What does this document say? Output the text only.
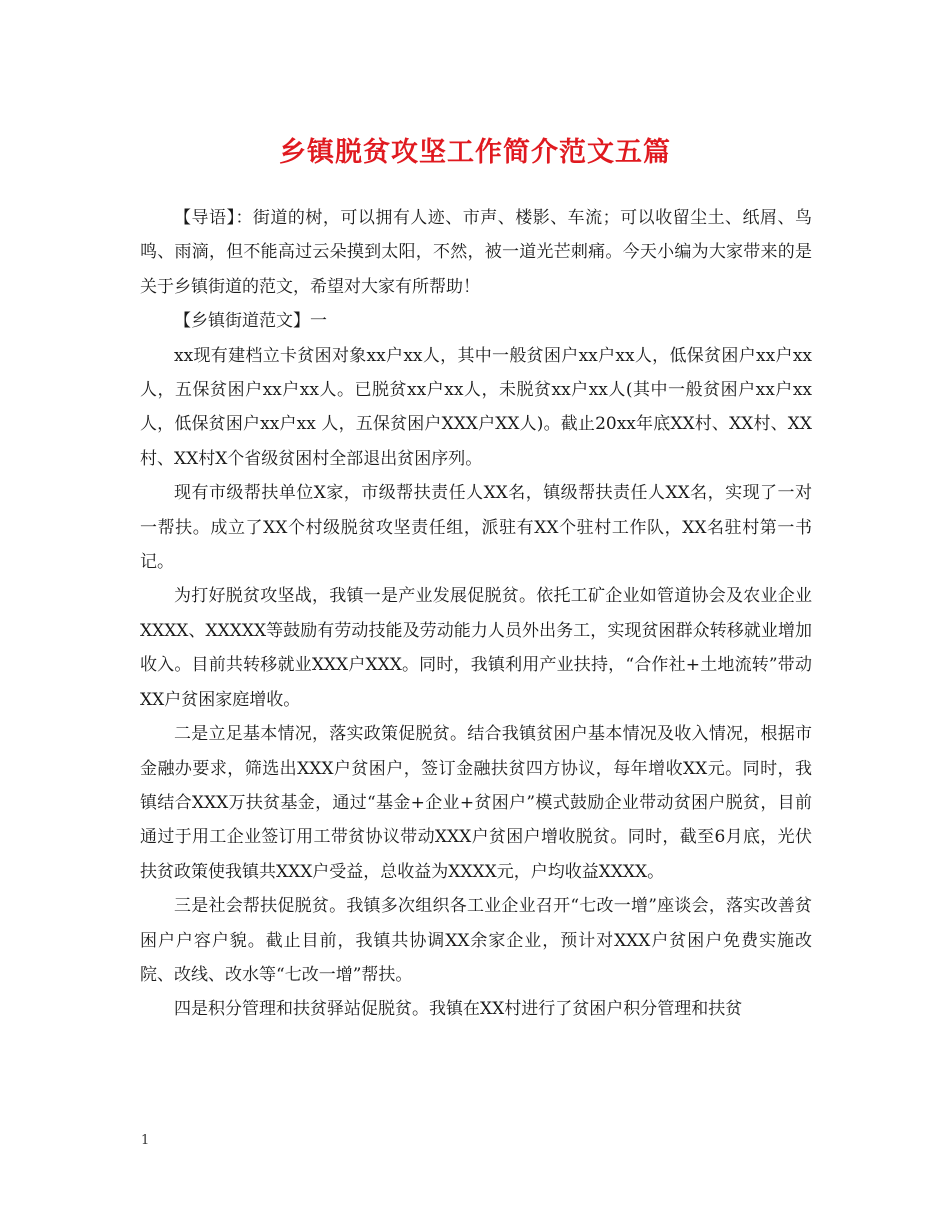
乡镇脱贫攻坚工作简介范文五篇

【导语】：街道的树，可以拥有人迹、市声、楼影、车流；可以收留尘土、纸屑、鸟鸣、雨滴，但不能高过云朵摸到太阳，不然，被一道光芒刺痛。今天小编为大家带来的是关于乡镇街道的范文，希望对大家有所帮助！

【乡镇街道范文】一

xx现有建档立卡贫困对象xx户xx人，其中一般贫困户xx户xx人，低保贫困户xx户xx人，五保贫困户xx户xx人。已脱贫xx户xx人，未脱贫xx户xx人(其中一般贫困户xx户xx人，低保贫困户xx户xx 人，五保贫困户XXX户XX人)。截止20xx年底XX村、XX村、XX村、XX村X个省级贫困村全部退出贫困序列。

现有市级帮扶单位X家，市级帮扶责任人XX名，镇级帮扶责任人XX名，实现了一对一帮扶。成立了XX个村级脱贫攻坚责任组，派驻有XX个驻村工作队，XX名驻村第一书记。

为打好脱贫攻坚战，我镇一是产业发展促脱贫。依托工矿企业如管道协会及农业企业XXXX、XXXXX等鼓励有劳动技能及劳动能力人员外出务工，实现贫困群众转移就业增加收入。目前共转移就业XXX户XXX。同时，我镇利用产业扶持，“合作社+土地流转”带动XX户贫困家庭增收。

二是立足基本情况，落实政策促脱贫。结合我镇贫困户基本情况及收入情况，根据市金融办要求，筛选出XXX户贫困户，签订金融扶贫四方协议，每年增收XX元。同时，我镇结合XXX万扶贫基金，通过“基金+企业+贫困户”模式鼓励企业带动贫困户脱贫，目前通过于用工企业签订用工带贫协议带动XXX户贫困户增收脱贫。同时，截至6月底，光伏扶贫政策使我镇共XXX户受益，总收益为XXXX元，户均收益XXXX。

三是社会帮扶促脱贫。我镇多次组织各工业企业召开“七改一增”座谈会，落实改善贫困户户容户貌。截止目前，我镇共协调XX余家企业，预计对XXX户贫困户免费实施改院、改线、改水等“七改一增”帮扶。

四是积分管理和扶贫驿站促脱贫。我镇在XX村进行了贫困户积分管理和扶贫

1
